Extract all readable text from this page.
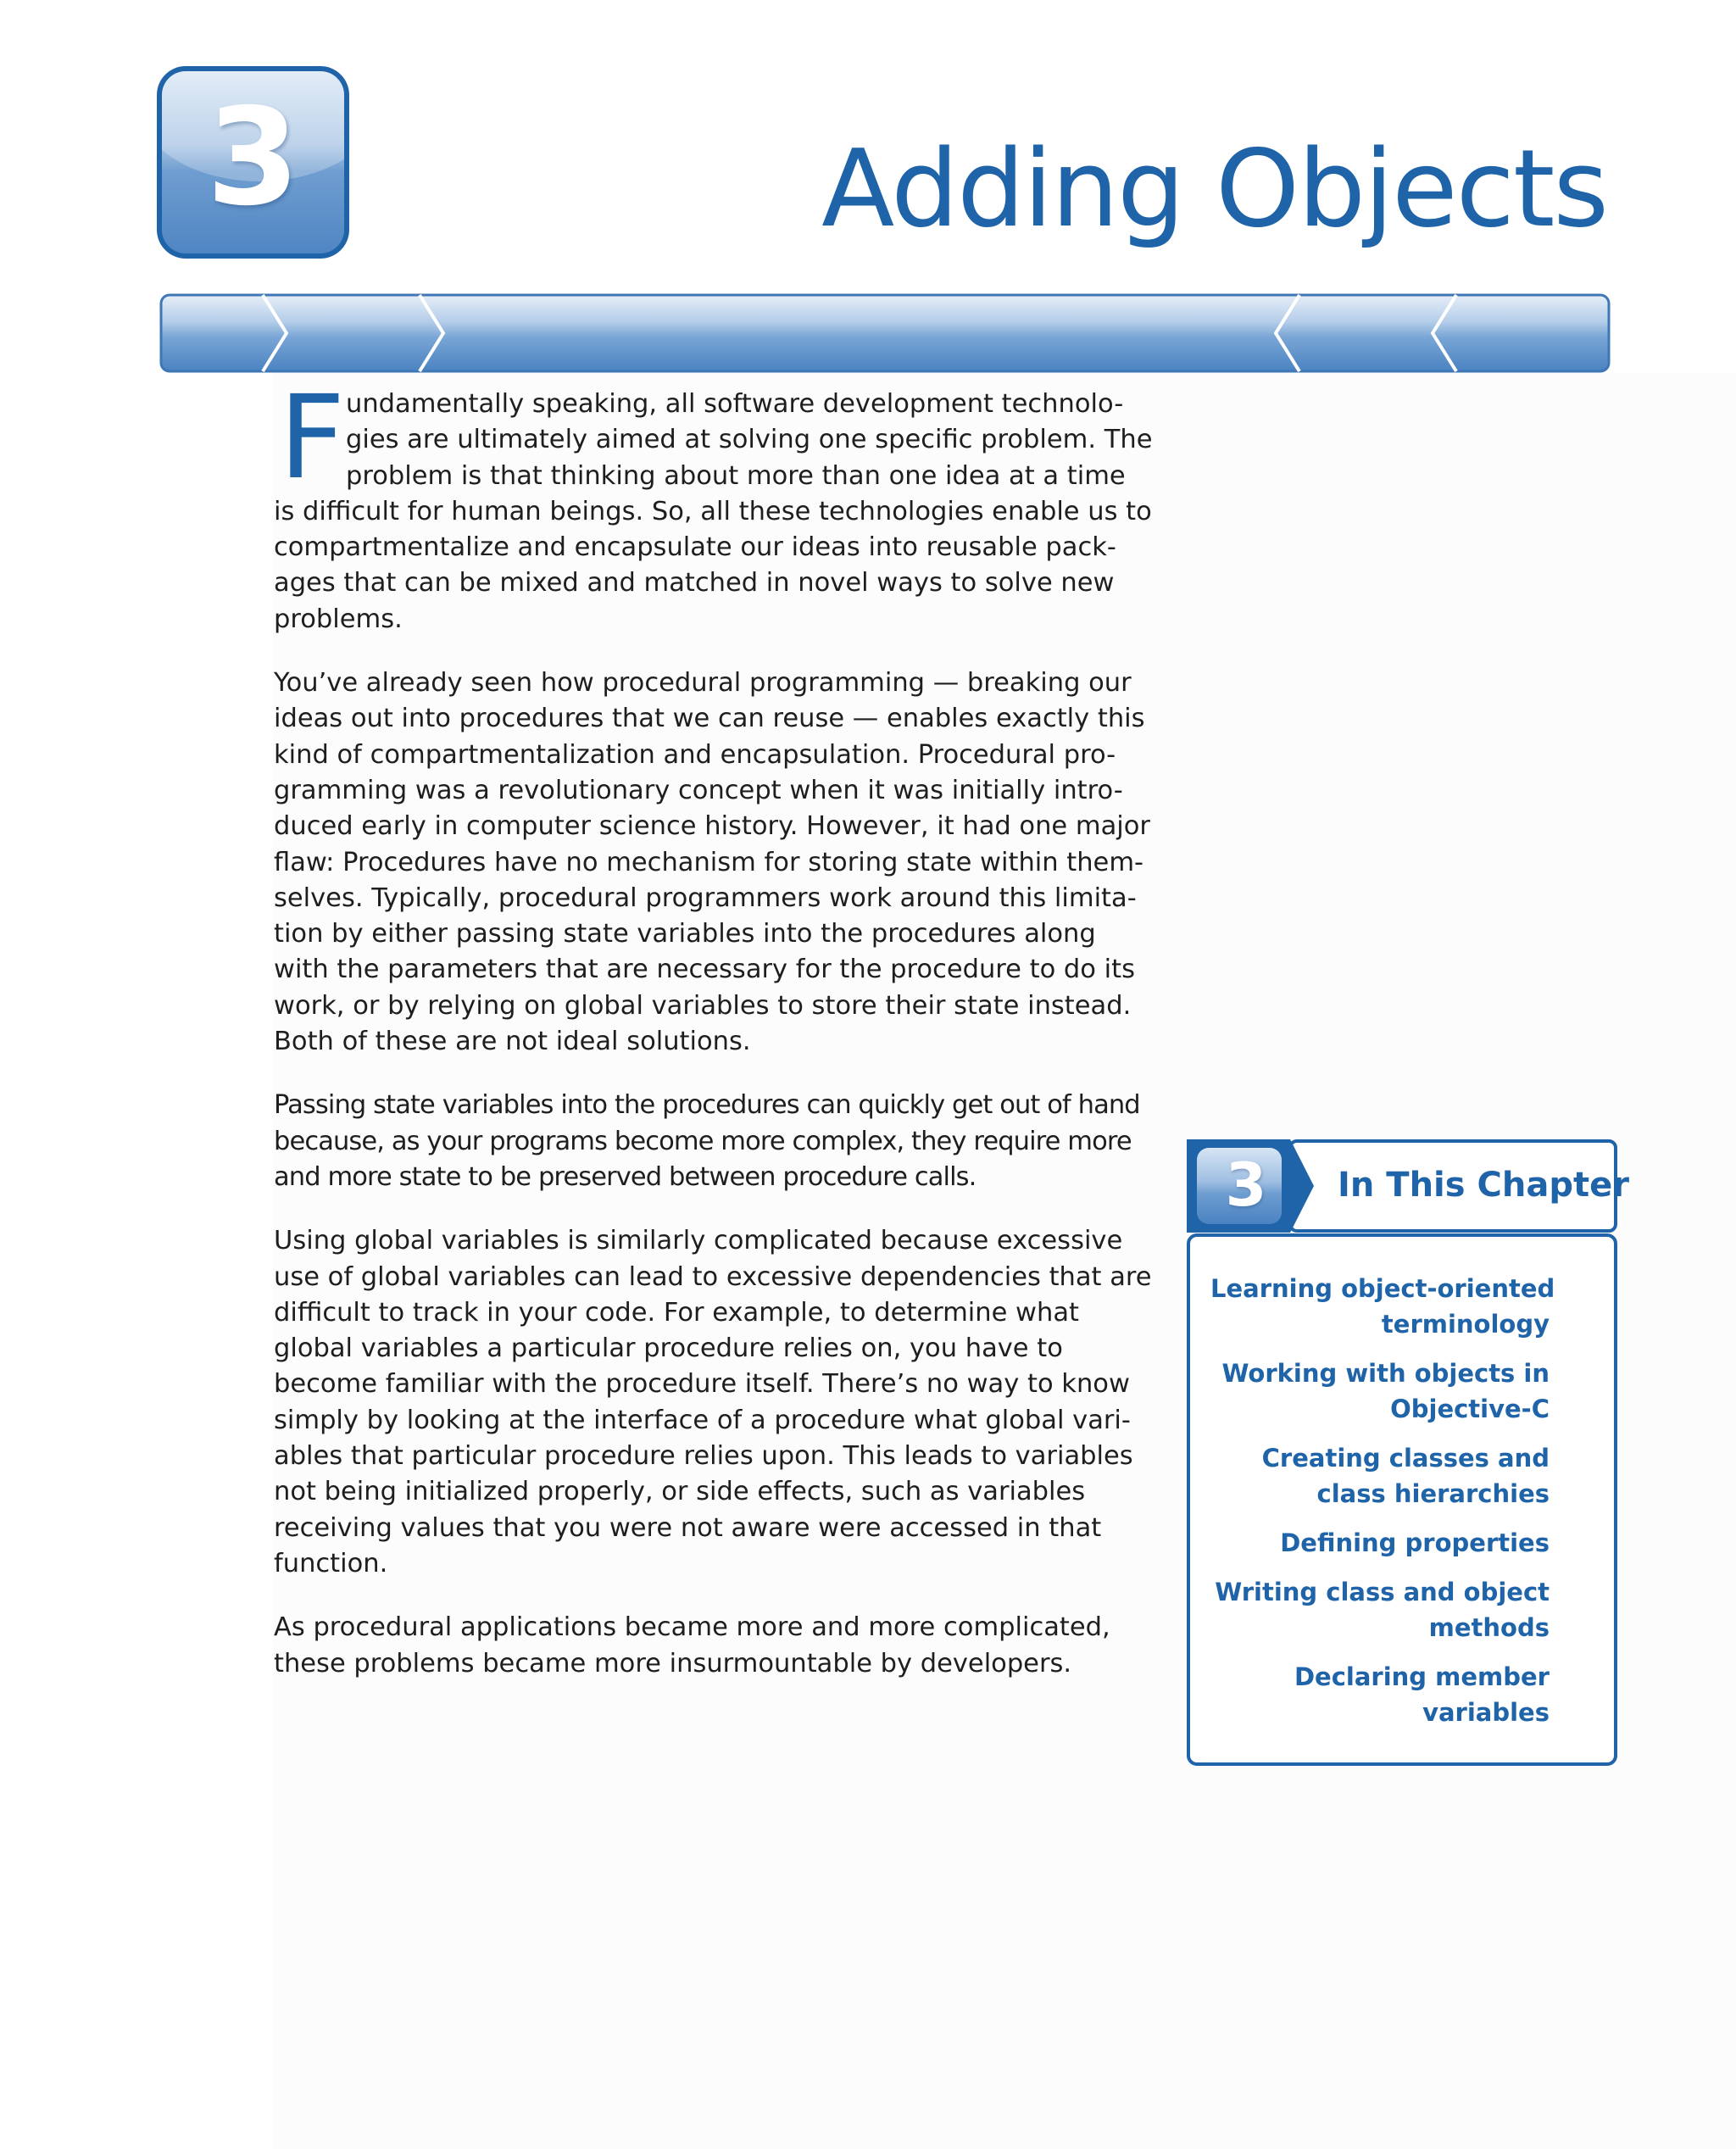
3	Adding Objects
F undamentally speaking, all software development technolo-
gies are ultimately aimed at solving one specific problem. The
problem is that thinking about more than one idea at a time
is difficult for human beings. So, all these technologies enable us to
compartmentalize and encapsulate our ideas into reusable pack-
ages that can be mixed and matched in novel ways to solve new
problems.
You’ve already seen how procedural programming — breaking our
ideas out into procedures that we can reuse — enables exactly this
kind of compartmentalization and encapsulation. Procedural pro-
gramming was a revolutionary concept when it was initially intro-
duced early in computer science history. However, it had one major
flaw: Procedures have no mechanism for storing state within them-
selves. Typically, procedural programmers work around this limita-
tion by either passing state variables into the procedures along
with the parameters that are necessary for the procedure to do its
work, or by relying on global variables to store their state instead.
Both of these are not ideal solutions.
Passing state variables into the procedures can quickly get out of hand
because, as your programs become more complex, they require more
and more state to be preserved between procedure calls.
Using global variables is similarly complicated because excessive
use of global variables can lead to excessive dependencies that are
difficult to track in your code. For example, to determine what
global variables a particular procedure relies on, you have to
become familiar with the procedure itself. There’s no way to know
simply by looking at the interface of a procedure what global vari-
ables that particular procedure relies upon. This leads to variables
not being initialized properly, or side effects, such as variables
receiving values that you were not aware were accessed in that
function.
As procedural applications became more and more complicated,
these problems became more insurmountable by developers.
3	In This Chapter
Learning object-oriented
terminology
Working with objects in
Objective-C
Creating classes and
class hierarchies
Defining properties
Writing class and object
methods
Declaring member
variables
